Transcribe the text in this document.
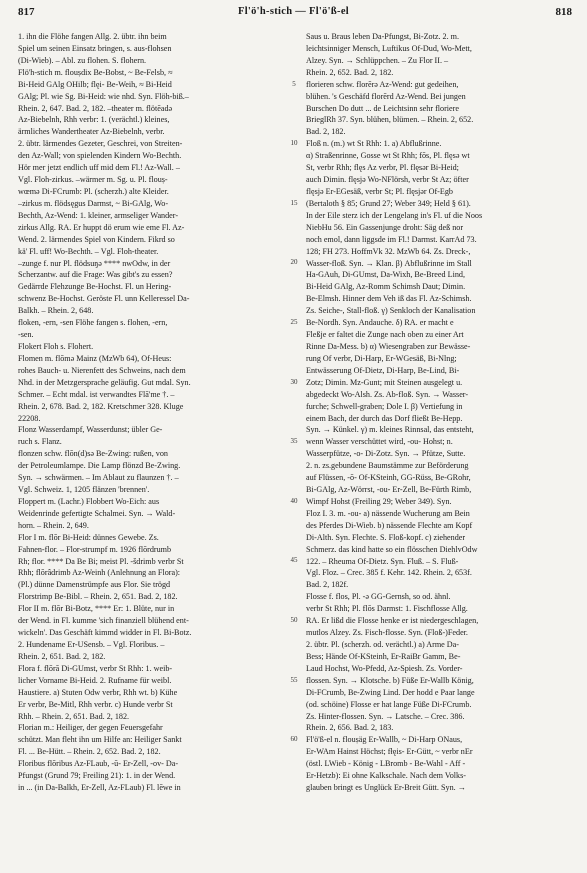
817	Fl'ö'h-stich — Fl'ö'ß-el	818
1. ihn die Flöhe fangen Allg. 2. übtr. ihn beim
Spiel um seinen Einsatz bringen, s. aus-flohsen
(Di-Wieb). – Abl. zu flohen. S. flohern.
Flö'h-stich m. flouṣdix Be-Bobst, ~ Be-Felsb, ≈
Bi-Heid GAlg OHilb; flęi- Be-Weih, ≈ Bi-Heid
GAlg; Pl. wie Sg. Bi-Heid: wie nhd. Syn. Flöh-biß.–
Rhein. 2, 647. Bad. 2, 182. –theater m. flötēadə
Az-Biebelnh, Rhh verbr: 1. (verächtl.) kleines,
ärmliches Wandertheater Az-Biebelnh, verbr.
2. übtr. lärmendes Gezeter, Geschrei, von Streiten-
den Az-Wall; von spielenden Kindern Wo-Bechth.
Hör mer jetzt endlich uff mid dem Fl.! Az-Wall. –
Vgl. Floh-zirkus. –wärmer m. Sg. u. Pl. flouṣ-
wœmə Di-FCrumb: Pl. (scherzh.) alte Kleider.
–zirkus m. flödsęgus Darmst, ~ Bi-GAlg, Wo-
Bechth, Az-Wend: 1. kleiner, armseliger Wander-
zirkus Allg. RA. Er huppt dö erum wie eme Fl. Az-
Wend. 2. lärmendes Spiel von Kindern. Fikrd so
kä' Fl. uff! Wo-Bechth. – Vgl. Floh-theater.
–zunge f. nur Pl. flödsuŋə **** nwOdw, in der
Scherzantw. auf die Frage: Was gibt's zu essen?
Gedärrde Flehzunge Be-Hochst. Fl. un Hering-
schwenz Be-Hochst. Geröste Fl. unn Kelleressel Da-
Balkh. – Rhein. 2, 648.
floken, -ern, -sen Flöhe fangen s. flohen, -ern,
-sen.
Flokert Floh s. Flohert.
Flomen m. flōmə Mainz (MzWb 64), Of-Heus:
rohes Bauch- u. Nierenfett des Schweins, nach dem
Nhd. in der Metzgersprache geläufig. Gut mdal. Syn.
Schmer. – Echt mdal. ist verwandtes Flā'me †. –
Rhein. 2, 678. Bad. 2, 182. Kretschmer 328. Kluge
22208.
Flonz Wasserdampf, Wasserdunst; übler Ge-
ruch s. Flanz.
flonzen schw. flōn(d)sə Be-Zwing: rußen, von
der Petroleumlampe. Die Lamp flönzd Be-Zwing.
Syn. → schwärmen. – Im Ablaut zu flaunzen †. –
Vgl. Schweiz. 1, 1205 flänzen 'brennen'.
Floppert m. (Lachr.) Flobbert Wo-Eich: aus
Weidenrinde gefertigte Schalmei. Syn. → Wald-
horn. – Rhein. 2, 649.
Flor I m. flōr Bi-Heid: dünnes Gewebe. Zs.
Fahnen-flor. – Flor-strumpf m. 1926 flōrdrumb
Rh; flor. **** Da Be Bi; meist Pl. -šdrimb verbr St
Rhh; flōrâdrimb Az-Weinh (Anlehnung an Flora):
(Pl.) dünne Damenstrümpfe aus Flor. Sie trögd
Florstrimp Be-Bibl. – Rhein. 2, 651. Bad. 2, 182.
Flor II m. flōr Bi-Botz, **** Er: 1. Blüte, nur in
der Wend. in Fl. kumme 'sich finanziell blühend ent-
wickeln'. Das Geschäft kimmd widder in Fl. Bi-Botz.
2. Hundename Er-USensb. – Vgl. Floribus. –
Rhein. 2, 651. Bad. 2, 182.
Flora f. flōrā Di-GUmst, verbr St Rhh: 1. weib-
licher Vorname Bi-Heid. 2. Rufname für weibl.
Haustiere. a) Stuten Odw verbr, Rhh wt. b) Kühe
Er verbr, Be-Mitl, Rhh verbr. c) Hunde verbr St
Rhh. – Rhein. 2, 651. Bad. 2, 182.
Florian m.: Heiliger, der gegen Feuersgefahr
schützt. Man fleht ihn um Hilfe an: Heiliger Sankt
Fl. ... Be-Hütt. – Rhein. 2, 652. Bad. 2, 182.
Floribus flōribus Az-FLaub, -ū- Er-Zell, -ov- Da-
Pfungst (Grund 79; Freiling 21): 1. in der Wend.
in ... (in Da-Balkh, Er-Zell, Az-FLaub) Fl. lēwe in
Saus u. Braus leben Da-Pfungst, Bi-Zotz. 2. m.
leichtsinniger Mensch, Luftikus Of-Dud, Wo-Mett,
Alzey. Syn. → Schlüppchen. – Zu Flor II. –
Rhein. 2, 652. Bad. 2, 182.
florieren schw. florērə Az-Wend: gut gedeihen,
blühen. 's Geschäfd florērd Az-Wend. Bei jungen
Burschen Do dutt ... de Leichtsinn sehr floriere
BrieglRh 37. Syn. blühen, blümen. – Rhein. 2, 652.
Bad. 2, 182.
Floß n. (m.) wt St Rhh: 1. a) Abflußrinne.
α) Straßenrinne, Gosse wt St Rhh; fōs, Pl. flęsə wt
St, verbr Rhh; flęs Az verbr, Pl. flęsər Bi-Heid;
auch Dimin. flęsjə Wo-NFlörsh, verbr St Az; öfter
flęsjə Er-EGesäß, verbr St; Pl. flęsjər Of-Egb
(Bertaloth § 85; Grund 27; Weber 349; Held § 61).
In der Eile sterz ich der Lengelang in's Fl. uf die Noos
NiebHu 56. Ein Gassenjunge droht: Säg deß nor
noch emol, dann liggsde im Fl.! Darmst. KarrAd 73.
128; FH 273. HoffmVk 32. MzWb 64. Zs. Dreck-,
Wasser-floß. Syn. → Klan. β) Abflußrinne im Stall
Ha-GAuh, Di-GUmst, Da-Wixh, Be-Breed Lind,
Bi-Heid GAlg, Az-Romm Schimsh Daut; Dimin.
Be-Elmsh. Hinner dem Veh iß das Fl. Az-Schimsh.
Zs. Seiche-, Stall-floß. γ) Senkloch der Kanalisation
Be-Nordh. Syn. Andauche. δ) RA. er macht e
Fleßje er faltet die Zunge nach oben zu einer Art
Rinne Da-Mess. b) α) Wiesengraben zur Bewässe-
rung Of verbr, Di-Harp, Er-WGesäß, Bi-Nlng;
Entwässerung Of-Dietz, Di-Harp, Be-Lind, Bi-
Zotz; Dimin. Mz-Gunt; mit Steinen ausgelegt u.
abgedeckt Wo-Alsh. Zs. Ab-floß. Syn. → Wasser-
furche; Schwell-graben; Dole I. β) Vertiefung in
einem Bach, der durch das Dorf fließt Be-Hepp.
Syn. → Künkel. γ) m. kleines Rinnsal, das entsteht,
wenn Wasser verschüttet wird, -ou- Hohst; n.
Wasserpfütze, -o- Di-Zotz. Syn. → Pfütze, Sutte.
2. n. zs.gebundene Baumstämme zur Beförderung
auf Flüssen, -ō- Of-KSteinh, GG-Rüss, Be-GRohr,
Bi-GAlg, Az-Wörrst, -ou- Er-Zell, Be-Fürth Rimb,
Wimpf Hohst (Freiling 29; Weber 349). Syn.
Floz I. 3. m. -ou- a) nässende Wucherung am Bein
des Pferdes Di-Wieb. b) nässende Flechte am Kopf
Di-Alth. Syn. Flechte. S. Floß-kopf. c) ziehender
Schmerz. das kind hatte so ein flösschen DiehlvOdw
122. – Rheuma Of-Dietz. Syn. Fluß. – S. Fluß-
Vgl. Floz. – Crec. 385 f. Kehr. 142. Rhein. 2, 653f.
Bad. 2, 182f.
Flosse f. flos, Pl. -ə GG-Gernsh, so od. ähnl.
verbr St Rhh; Pl. flōs Darmst: 1. Fischflosse Allg.
RA. Er lißd die Flosse henke er ist niedergeschlagen,
mutlos Alzey. Zs. Fisch-flosse. Syn. (Floß-)Feder.
2. übtr. Pl. (scherzh. od. verächtl.) a) Arme Da-
Bess; Hände Of-KSteinh, Er-RaiBr Gamm, Be-
Laud Hochst, Wo-Pfedd, Az-Spiesh. Zs. Vorder-
flossen. Syn. → Klotsche. b) Füße Er-Wallb König,
Di-FCrumb, Be-Zwing Lind. Der hodd e Paar lange
(od. schöine) Flosse er hat lange Füße Di-FCrumb.
Zs. Hinter-flossen. Syn. → Latsche. – Crec. 386.
Rhein. 2, 656. Bad. 2, 183.
Fl'ö'ß-el n. flouṣäg Er-Wallb, ~ Di-Harp ONaus,
Er-WAm Hainst Höchst; fłęis- Er-Gütt, ~ verbr nEr
(östl. LWieb - König - LBromb - Be-Wahl - Aff -
Er-Hetzb): Ei ohne Kalkschale. Nach dem Volks-
glauben bringt es Unglück Er-Breit Gütt. Syn. →
5
10
15
20
25
30
35
40
45
50
55
60
